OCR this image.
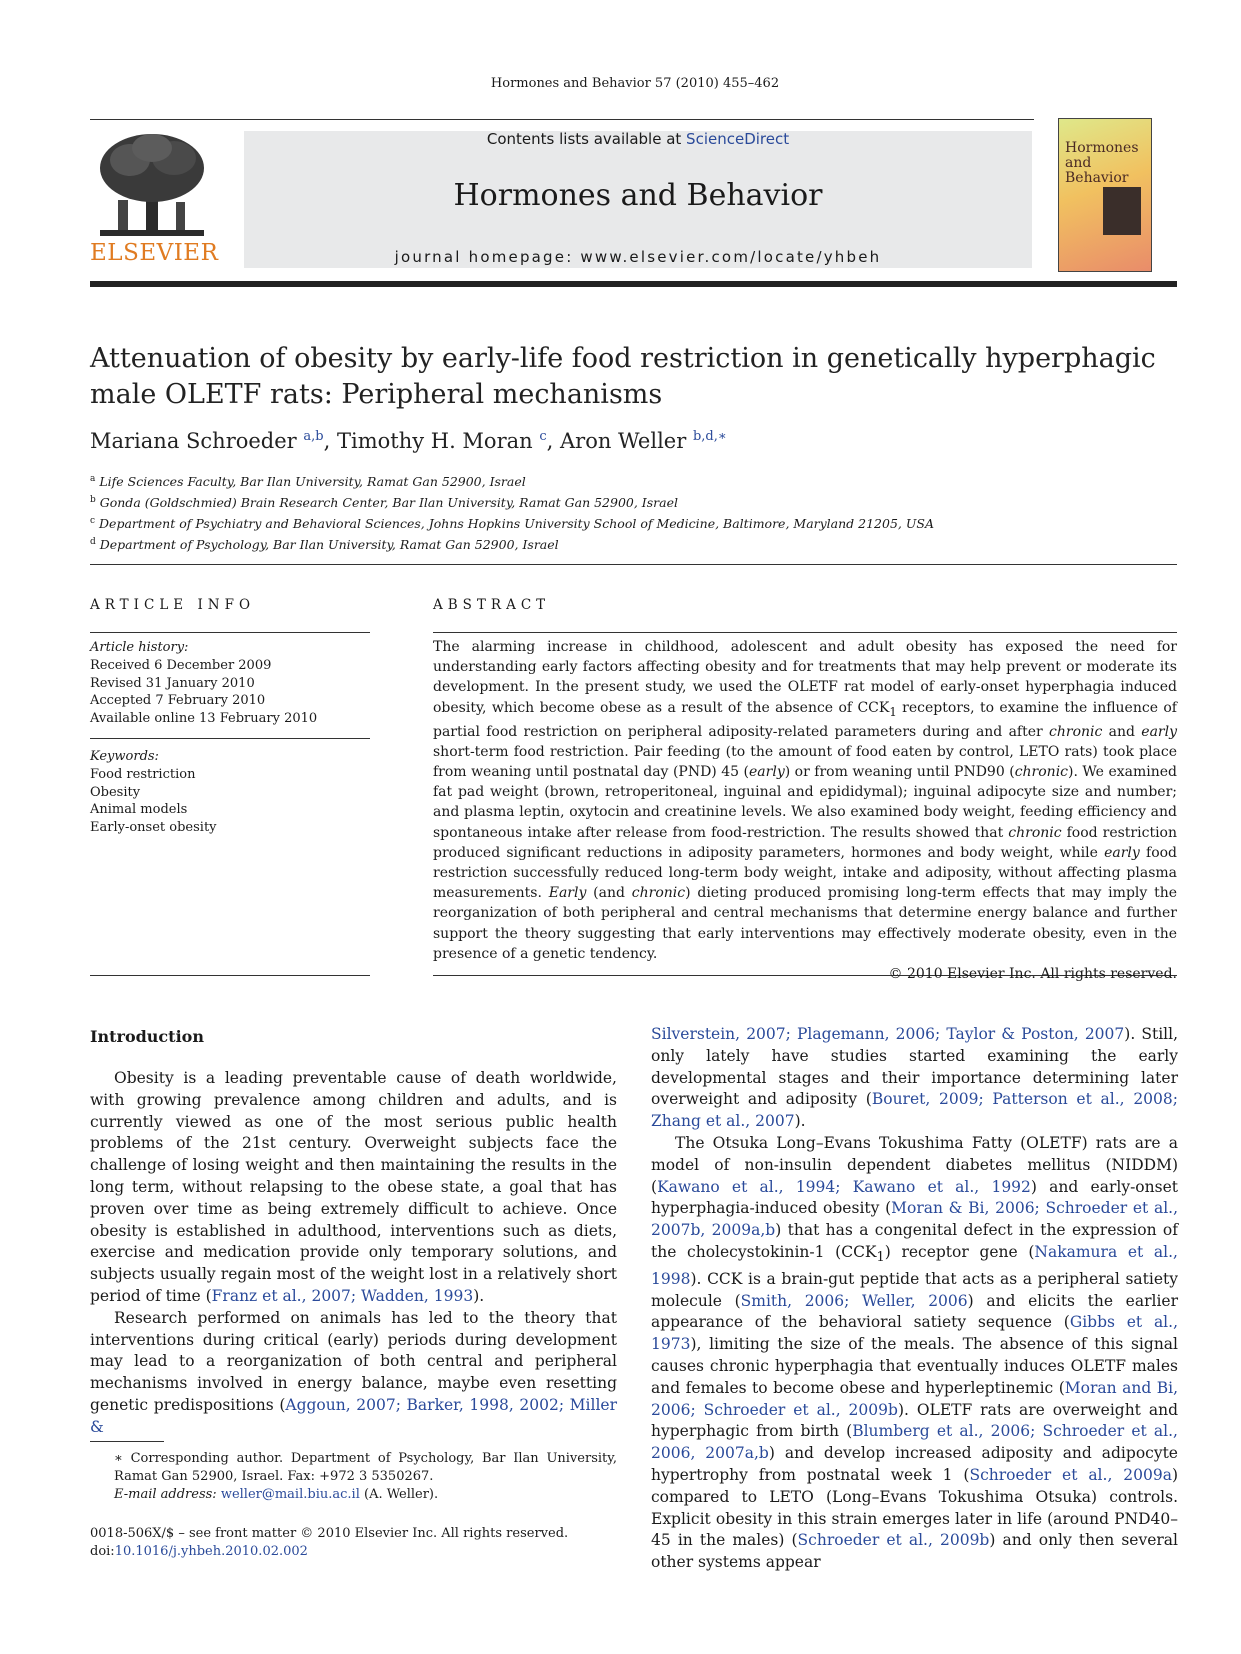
Hormones and Behavior 57 (2010) 455–462
ELSEVIER
Contents lists available at ScienceDirect
Hormones and Behavior
journal homepage: www.elsevier.com/locate/yhbeh
Hormones and Behavior
Attenuation of obesity by early-life food restriction in genetically hyperphagic male OLETF rats: Peripheral mechanisms
Mariana Schroeder $^{a,b}$, Timothy H. Moran $^c$, Aron Weller $^{b,d,∗}$
$^a$ Life Sciences Faculty, Bar Ilan University, Ramat Gan 52900, Israel
$^b$ Gonda (Goldschmied) Brain Research Center, Bar Ilan University, Ramat Gan 52900, Israel
$^c$ Department of Psychiatry and Behavioral Sciences, Johns Hopkins University School of Medicine, Baltimore, Maryland 21205, USA
$^d$ Department of Psychology, Bar Ilan University, Ramat Gan 52900, Israel
ARTICLE INFO	ABSTRACT
Article history:
Received 6 December 2009
Revised 31 January 2010
Accepted 7 February 2010
Available online 13 February 2010
Keywords:
Food restriction
Obesity
Animal models
Early-onset obesity
The alarming increase in childhood, adolescent and adult obesity has exposed the need for understanding early factors affecting obesity and for treatments that may help prevent or moderate its development. In the present study, we used the OLETF rat model of early-onset hyperphagia induced obesity, which become obese as a result of the absence of $CCK_1$ receptors, to examine the influence of partial food restriction on peripheral adiposity-related parameters during and after chronic and early short-term food restriction. Pair feeding (to the amount of food eaten by control, LETO rats) took place from weaning until postnatal day (PND) 45 (early) or from weaning until PND90 (chronic). We examined fat pad weight (brown, retroperitoneal, inguinal and epididymal); inguinal adipocyte size and number; and plasma leptin, oxytocin and creatinine levels. We also examined body weight, feeding efficiency and spontaneous intake after release from food-restriction. The results showed that chronic food restriction produced significant reductions in adiposity parameters, hormones and body weight, while early food restriction successfully reduced long-term body weight, intake and adiposity, without affecting plasma measurements. Early (and chronic) dieting produced promising long-term effects that may imply the reorganization of both peripheral and central mechanisms that determine energy balance and further support the theory suggesting that early interventions may effectively moderate obesity, even in the presence of a genetic tendency.
© 2010 Elsevier Inc. All rights reserved.
Introduction

Obesity is a leading preventable cause of death worldwide, with growing prevalence among children and adults, and is currently viewed as one of the most serious public health problems of the 21st century. Overweight subjects face the challenge of losing weight and then maintaining the results in the long term, without relapsing to the obese state, a goal that has proven over time as being extremely difficult to achieve. Once obesity is established in adulthood, interventions such as diets, exercise and medication provide only temporary solutions, and subjects usually regain most of the weight lost in a relatively short period of time (Franz et al., 2007; Wadden, 1993).

Research performed on animals has led to the theory that interventions during critical (early) periods during development may lead to a reorganization of both central and peripheral mechanisms involved in energy balance, maybe even resetting genetic predispositions (Aggoun, 2007; Barker, 1998, 2002; Miller &

Silverstein, 2007; Plagemann, 2006; Taylor & Poston, 2007). Still, only lately have studies started examining the early developmental stages and their importance determining later overweight and adiposity (Bouret, 2009; Patterson et al., 2008; Zhang et al., 2007).

The Otsuka Long–Evans Tokushima Fatty (OLETF) rats are a model of non-insulin dependent diabetes mellitus (NIDDM) (Kawano et al., 1994; Kawano et al., 1992) and early-onset hyperphagia-induced obesity (Moran & Bi, 2006; Schroeder et al., 2007b, 2009a,b) that has a congenital defect in the expression of the cholecystokinin-1 $(CCK_1)$ receptor gene (Nakamura et al., 1998). CCK is a brain-gut peptide that acts as a peripheral satiety molecule (Smith, 2006; Weller, 2006) and elicits the earlier appearance of the behavioral satiety sequence (Gibbs et al., 1973), limiting the size of the meals. The absence of this signal causes chronic hyperphagia that eventually induces OLETF males and females to become obese and hyperleptinemic (Moran and Bi, 2006; Schroeder et al., 2009b). OLETF rats are overweight and hyperphagic from birth (Blumberg et al., 2006; Schroeder et al., 2006, 2007a,b) and develop increased adiposity and adipocyte hypertrophy from postnatal week 1 (Schroeder et al., 2009a) compared to LETO (Long–Evans Tokushima Otsuka) controls. Explicit obesity in this strain emerges later in life (around PND40–45 in the males) (Schroeder et al., 2009b) and only then several other systems appear

∗ Corresponding author. Department of Psychology, Bar Ilan University, Ramat Gan 52900, Israel. Fax: +972 3 5350267.
E-mail address: weller@mail.biu.ac.il (A. Weller).
0018-506X/$ – see front matter © 2010 Elsevier Inc. All rights reserved.
doi:10.1016/j.yhbeh.2010.02.002
